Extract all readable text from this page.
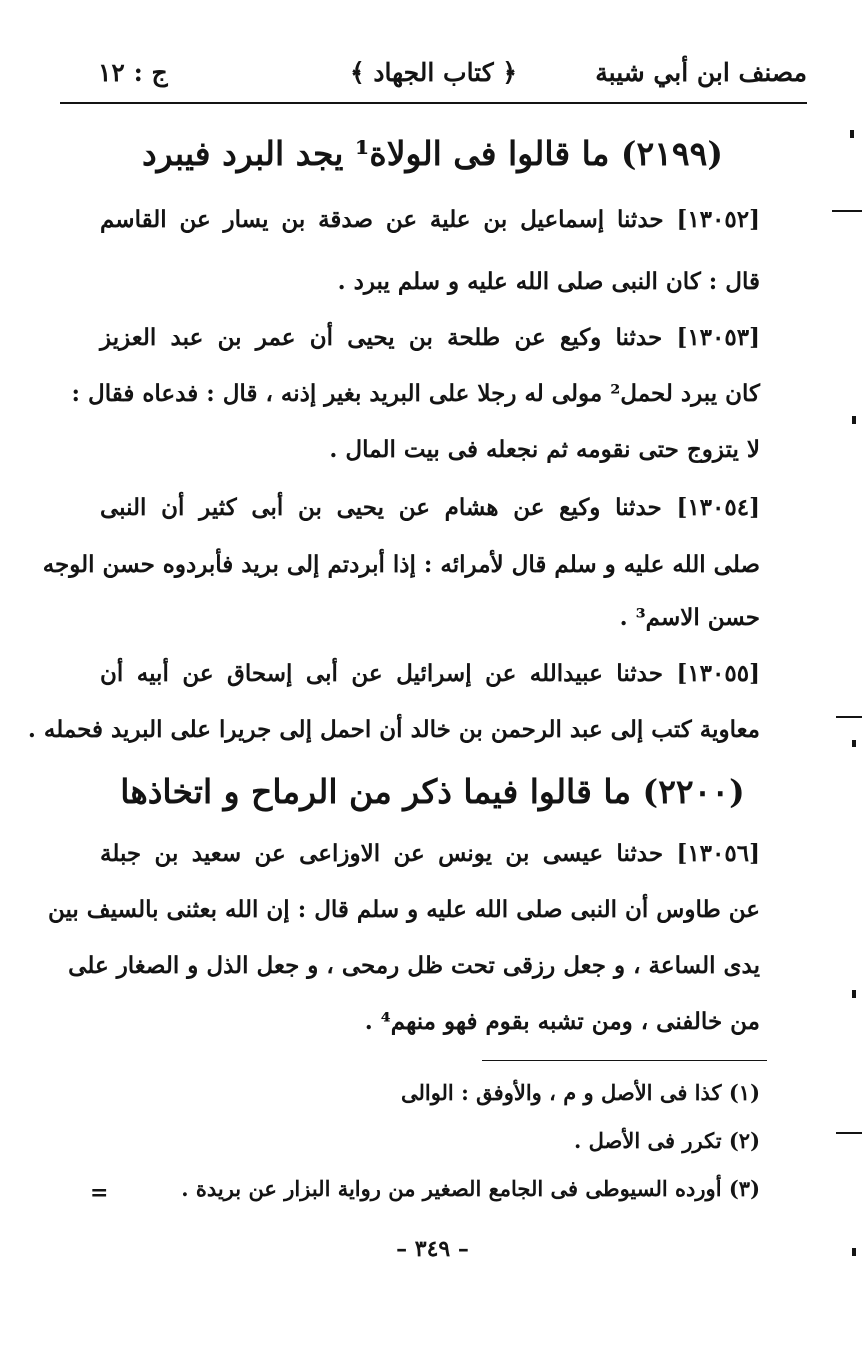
مصنف ابن أبي شيبة
﴿ كتاب الجهاد ﴾
ج : ١٢
(٢١٩٩) ما قالوا فى الولاة¹ يجد البرد فيبرد
[١٣٠٥٢] حدثنا إسماعيل بن علية عن صدقة بن يسار عن القاسم
قال : كان النبى صلى الله عليه و سلم يبرد .
[١٣٠٥٣] حدثنا وكيع عن طلحة بن يحيى أن عمر بن عبد العزيز
كان يبرد لحمل² مولى له رجلا على البريد بغير إذنه ، قال : فدعاه فقال :
لا يتزوج حتى نقومه ثم نجعله فى بيت المال .
[١٣٠٥٤] حدثنا وكيع عن هشام عن يحيى بن أبى كثير أن النبى
صلى الله عليه و سلم قال لأمرائه : إذا أبردتم إلى بريد فأبردوه حسن الوجه
حسن الاسم³ .
[١٣٠٥٥] حدثنا عبيدالله عن إسرائيل عن أبى إسحاق عن أبيه أن
معاوية كتب إلى عبد الرحمن بن خالد أن احمل إلى جريرا على البريد فحمله .
(٢٢٠٠) ما قالوا فيما ذكر من الرماح و اتخاذها
[١٣٠٥٦] حدثنا عيسى بن يونس عن الاوزاعى عن سعيد بن جبلة
عن طاوس أن النبى صلى الله عليه و سلم قال : إن الله بعثنى بالسيف بين
يدى الساعة ، و جعل رزقى تحت ظل رمحى ، و جعل الذل و الصغار على
من خالفنى ، ومن تشبه بقوم فهو منهم⁴ .
(١) كذا فى الأصل و م ، والأوفق : الوالى
(٢) تكرر فى الأصل .
(٣) أورده السيوطى فى الجامع الصغير من رواية البزار عن بريدة .
=
– ٣٤٩ –
